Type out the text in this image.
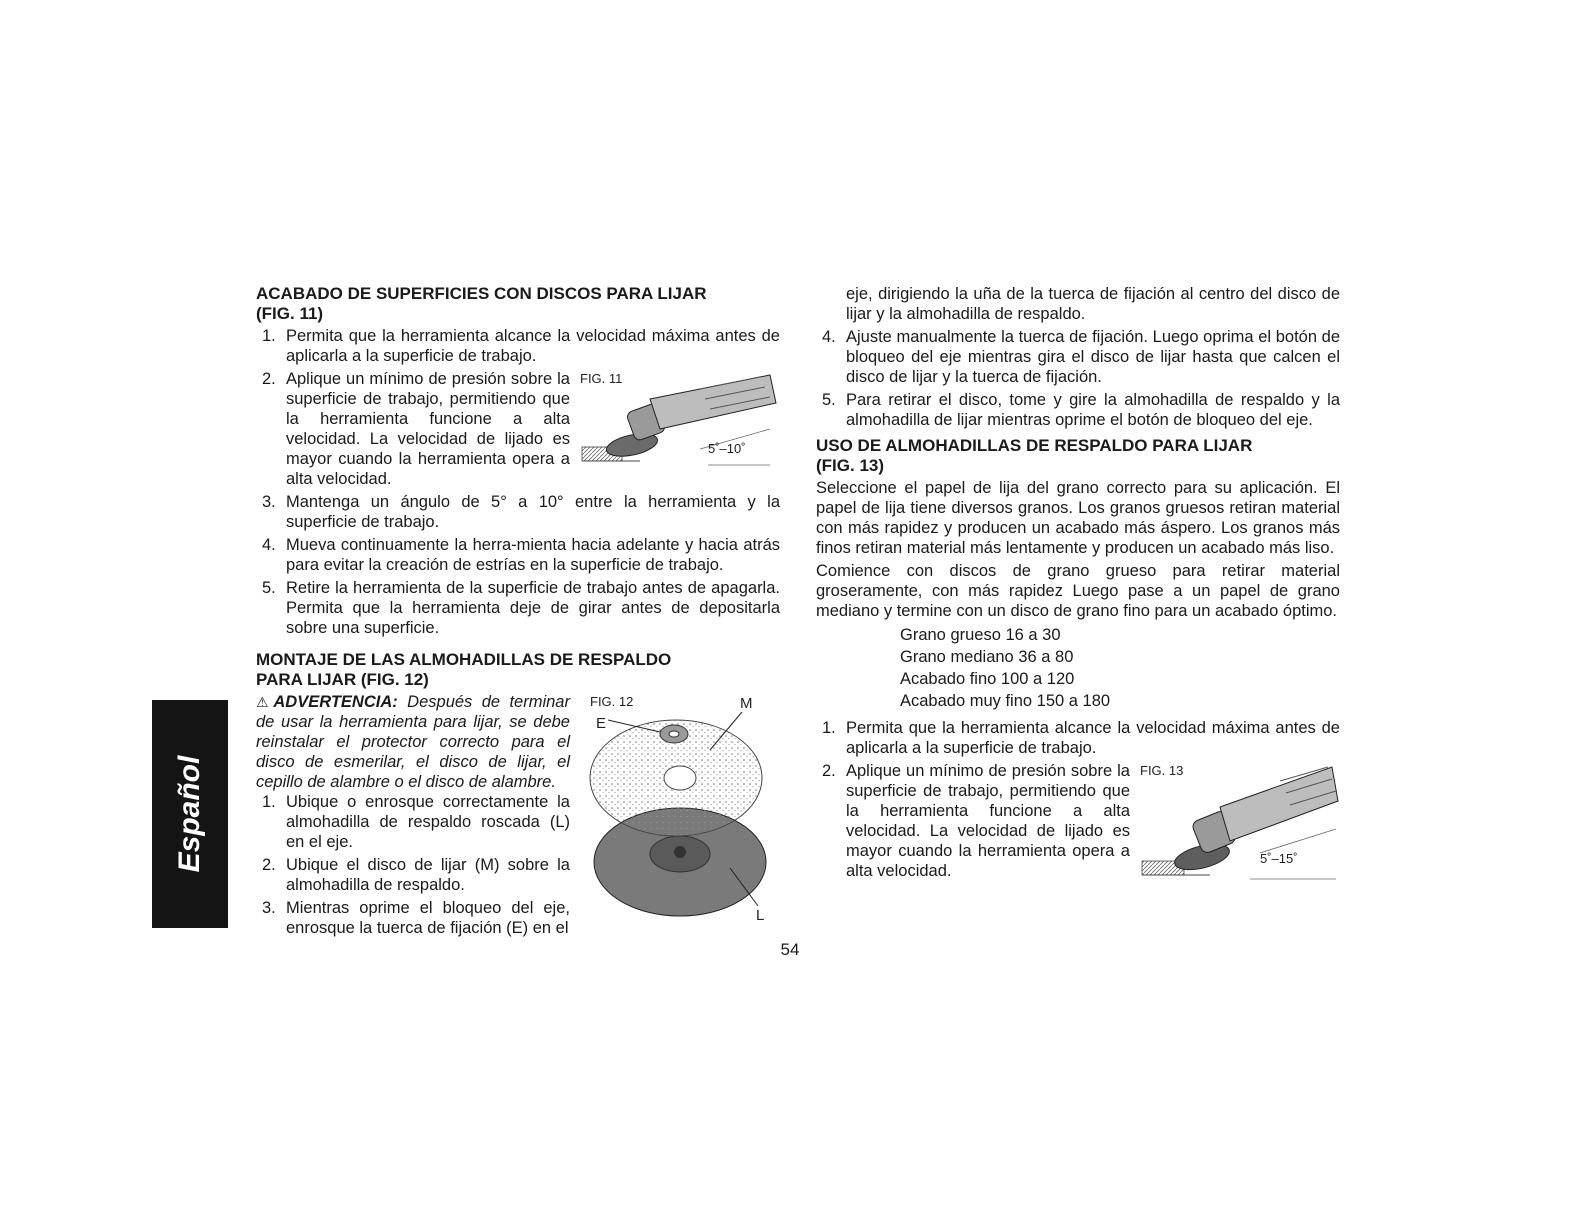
Español
ACABADO DE SUPERFICIES CON DISCOS PARA LIJAR
(FIG. 11)
1. Permita que la herramienta alcance la velocidad máxima antes de aplicarla a la superficie de trabajo.
2.	FIG. 11
5˚–10˚
Aplique un mínimo de presión sobre la superficie de trabajo, permitiendo que la herramienta funcione a alta velocidad. La velocidad de lijado es mayor cuando la herramienta opera a alta velocidad.
3. Mantenga un ángulo de 5° a 10° entre la herramienta y la superficie de trabajo.
4. Mueva continuamente la herra-mienta hacia adelante y hacia atrás para evitar la creación de estrías en la superficie de trabajo.
5. Retire la herramienta de la superficie de trabajo antes de apagarla. Permita que la herramienta deje de girar antes de depositarla sobre una superficie.
MONTAJE DE LAS ALMOHADILLAS DE RESPALDO
PARA LIJAR (FIG. 12)
FIG. 12
E
M
L
⚠ADVERTENCIA: Después de terminar de usar la herramienta para lijar, se debe reinstalar el protector correcto para el disco de esmerilar, el disco de lijar, el cepillo de alambre o el disco de alambre.
1. Ubique o enrosque correctamente la almohadilla de respaldo roscada (L) en el eje.
2. Ubique el disco de lijar (M) sobre la almohadilla de respaldo.
3. Mientras oprime el bloqueo del eje, enrosque la tuerca de fijación (E) en el
eje, dirigiendo la uña de la tuerca de fijación al centro del disco de lijar y la almohadilla de respaldo.
4. Ajuste manualmente la tuerca de fijación. Luego oprima el botón de bloqueo del eje mientras gira el disco de lijar hasta que calcen el disco de lijar y la tuerca de fijación.
5. Para retirar el disco, tome y gire la almohadilla de respaldo y la almohadilla de lijar mientras oprime el botón de bloqueo del eje.
USO DE ALMOHADILLAS DE RESPALDO PARA LIJAR
(FIG. 13)
Seleccione el papel de lija del grano correcto para su aplicación. El papel de lija tiene diversos granos. Los granos gruesos retiran material con más rapidez y producen un acabado más áspero. Los granos más finos retiran material más lentamente y producen un acabado más liso.
Comience con discos de grano grueso para retirar material groseramente, con más rapidez Luego pase a un papel de grano mediano y termine con un disco de grano fino para un acabado óptimo.
Grano grueso 16 a 30
Grano mediano 36 a 80
Acabado fino 100 a 120
Acabado muy fino 150 a 180
1. Permita que la herramienta alcance la velocidad máxima antes de aplicarla a la superficie de trabajo.
2.	FIG. 13
5˚–15˚
Aplique un mínimo de presión sobre la superficie de trabajo, permitiendo que la herramienta funcione a alta velocidad. La velocidad de lijado es mayor cuando la herramienta opera a alta velocidad.
54
